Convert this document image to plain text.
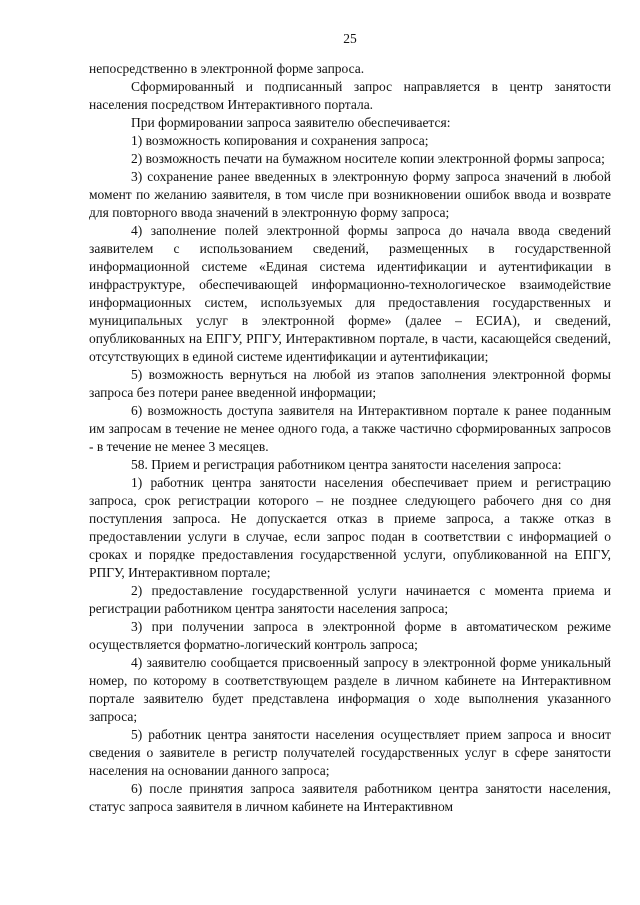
25

непосредственно в электронной форме запроса.

Сформированный и подписанный запрос направляется в центр занятости населения посредством Интерактивного портала.

При формировании запроса заявителю обеспечивается:

1) возможность копирования и сохранения запроса;

2) возможность печати на бумажном носителе копии электронной формы запроса;

3) сохранение ранее введенных в электронную форму запроса значений в любой момент по желанию заявителя, в том числе при возникновении ошибок ввода и возврате для повторного ввода значений в электронную форму запроса;

4) заполнение полей электронной формы запроса до начала ввода сведений заявителем с использованием сведений, размещенных в государственной информационной системе «Единая система идентификации и аутентификации в инфраструктуре, обеспечивающей информационно-технологическое взаимодействие информационных систем, используемых для предоставления государственных и муниципальных услуг в электронной форме» (далее – ЕСИА), и сведений, опубликованных на ЕПГУ, РПГУ, Интерактивном портале, в части, касающейся сведений, отсутствующих в единой системе идентификации и аутентификации;

5) возможность вернуться на любой из этапов заполнения электронной формы запроса без потери ранее введенной информации;

6) возможность доступа заявителя на Интерактивном портале к ранее поданным им запросам в течение не менее одного года, а также частично сформированных запросов - в течение не менее 3 месяцев.

58. Прием и регистрация работником центра занятости населения запроса:

1) работник центра занятости населения обеспечивает прием и регистрацию запроса, срок регистрации которого – не позднее следующего рабочего дня со дня поступления запроса. Не допускается отказ в приеме запроса, а также отказ в предоставлении услуги в случае, если запрос подан в соответствии с информацией о сроках и порядке предоставления государственной услуги, опубликованной на ЕПГУ, РПГУ, Интерактивном портале;

2) предоставление государственной услуги начинается с момента приема и регистрации работником центра занятости населения запроса;

3) при получении запроса в электронной форме в автоматическом режиме осуществляется форматно-логический контроль запроса;

4) заявителю сообщается присвоенный запросу в электронной форме уникальный номер, по которому в соответствующем разделе в личном кабинете на Интерактивном портале заявителю будет представлена информация о ходе выполнения указанного запроса;

5) работник центра занятости населения осуществляет прием запроса и вносит сведения о заявителе в регистр получателей государственных услуг в сфере занятости населения на основании данного запроса;

6) после принятия запроса заявителя работником центра занятости населения, статус запроса заявителя в личном кабинете на Интерактивном
